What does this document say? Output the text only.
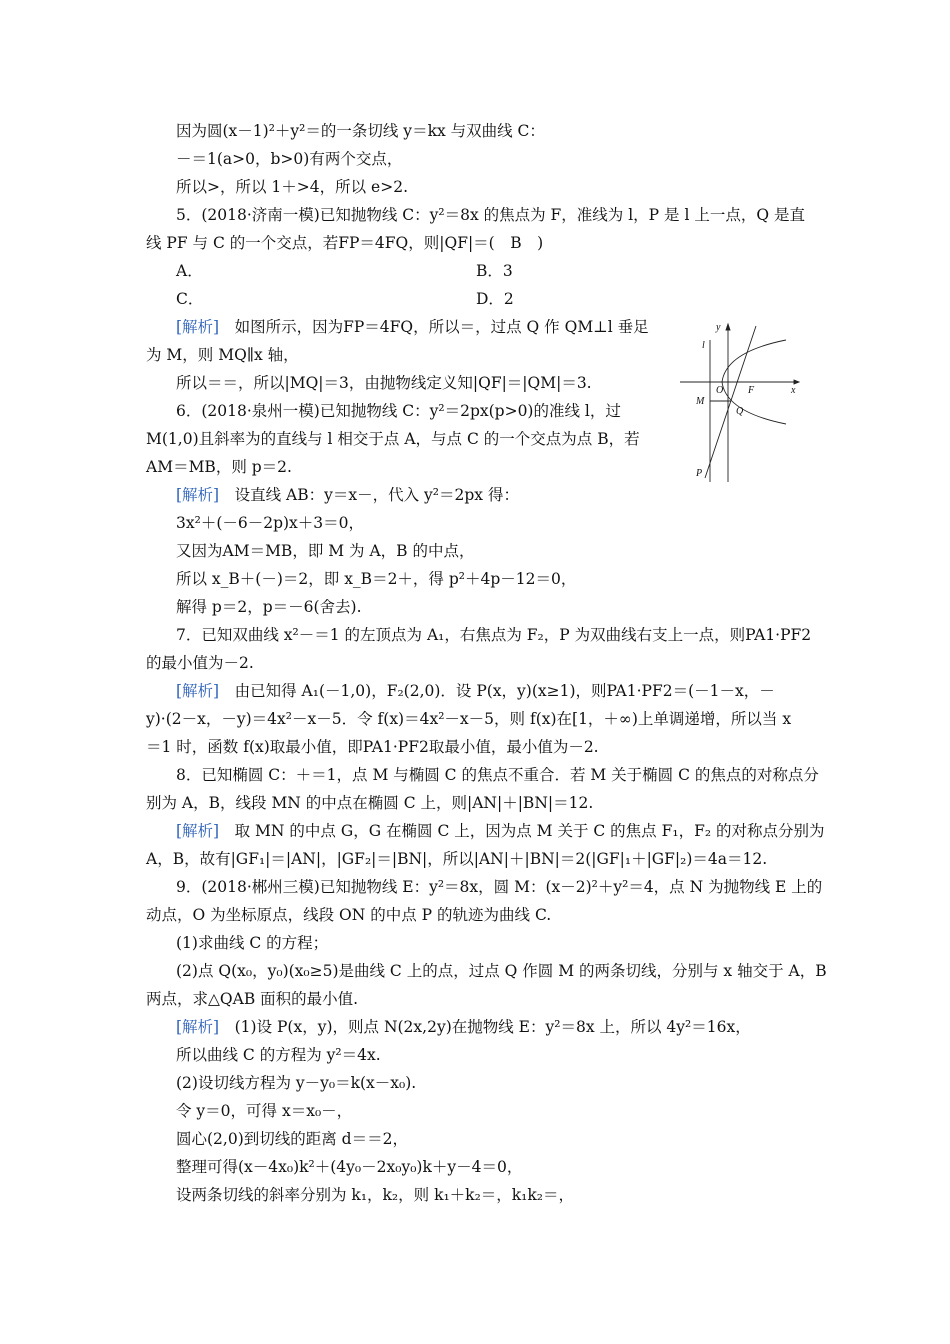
因为圆(x－1)²＋y²＝的一条切线 y＝kx 与双曲线 C：
－＝1(a>0，b>0)有两个交点，
所以>，所以 1＋>4，所以 e>2.
5．(2018·济南一模)已知抛物线 C：y²＝8x 的焦点为 F，准线为 l，P 是 l 上一点，Q 是直
线 PF 与 C 的一个交点，若FP＝4FQ，则|QF|＝(　B　)
A．	B．3
C．	D．2
[解析]　如图所示，因为FP＝4FQ，所以＝，过点 Q 作 QM⊥l 垂足
为 M，则 MQ∥x 轴，
所以＝＝，所以|MQ|＝3，由抛物线定义知|QF|＝|QM|＝3.
6．(2018·泉州一模)已知抛物线 C：y²＝2px(p>0)的准线 l，过
M(1,0)且斜率为的直线与 l 相交于点 A，与点 C 的一个交点为点 B，若
AM＝MB，则 p＝2.
[解析]　设直线 AB：y＝x－，代入 y²＝2px 得：
3x²＋(－6－2p)x＋3＝0，
又因为AM＝MB，即 M 为 A，B 的中点，
所以 x_B＋(－)＝2，即 x_B＝2＋，得 p²＋4p－12＝0，
解得 p＝2，p＝－6(舍去).
7．已知双曲线 x²－＝1 的左顶点为 A₁，右焦点为 F₂，P 为双曲线右支上一点，则PA1·PF2
的最小值为－2.
[解析]　由已知得 A₁(－1,0)，F₂(2,0)．设 P(x，y)(x≥1)，则PA1·PF2＝(－1－x，－
y)·(2－x，－y)＝4x²－x－5．令 f(x)＝4x²－x－5，则 f(x)在[1，＋∞)上单调递增，所以当 x
＝1 时，函数 f(x)取最小值，即PA1·PF2取最小值，最小值为－2.
8．已知椭圆 C：＋＝1，点 M 与椭圆 C 的焦点不重合．若 M 关于椭圆 C 的焦点的对称点分
别为 A，B，线段 MN 的中点在椭圆 C 上，则|AN|＋|BN|＝12.
[解析]　取 MN 的中点 G，G 在椭圆 C 上，因为点 M 关于 C 的焦点 F₁，F₂ 的对称点分别为
A，B，故有|GF₁|＝|AN|，|GF₂|＝|BN|，所以|AN|＋|BN|＝2(|GF|₁＋|GF|₂)＝4a＝12.
9．(2018·郴州三模)已知抛物线 E：y²＝8x，圆 M：(x－2)²＋y²＝4，点 N 为抛物线 E 上的
动点，O 为坐标原点，线段 ON 的中点 P 的轨迹为曲线 C.
(1)求曲线 C 的方程；
(2)点 Q(x₀，y₀)(x₀≥5)是曲线 C 上的点，过点 Q 作圆 M 的两条切线，分别与 x 轴交于 A，B
两点，求△QAB 面积的最小值.
[解析]　(1)设 P(x，y)，则点 N(2x,2y)在抛物线 E：y²＝8x 上，所以 4y²＝16x，
所以曲线 C 的方程为 y²＝4x.
(2)设切线方程为 y－y₀＝k(x－x₀).
令 y＝0，可得 x＝x₀－，
圆心(2,0)到切线的距离 d＝＝2，
整理可得(x－4x₀)k²＋(4y₀－2x₀y₀)k＋y－4＝0，
设两条切线的斜率分别为 k₁，k₂，则 k₁＋k₂＝，k₁k₂＝，
y
x
l
O F
M
Q
P
